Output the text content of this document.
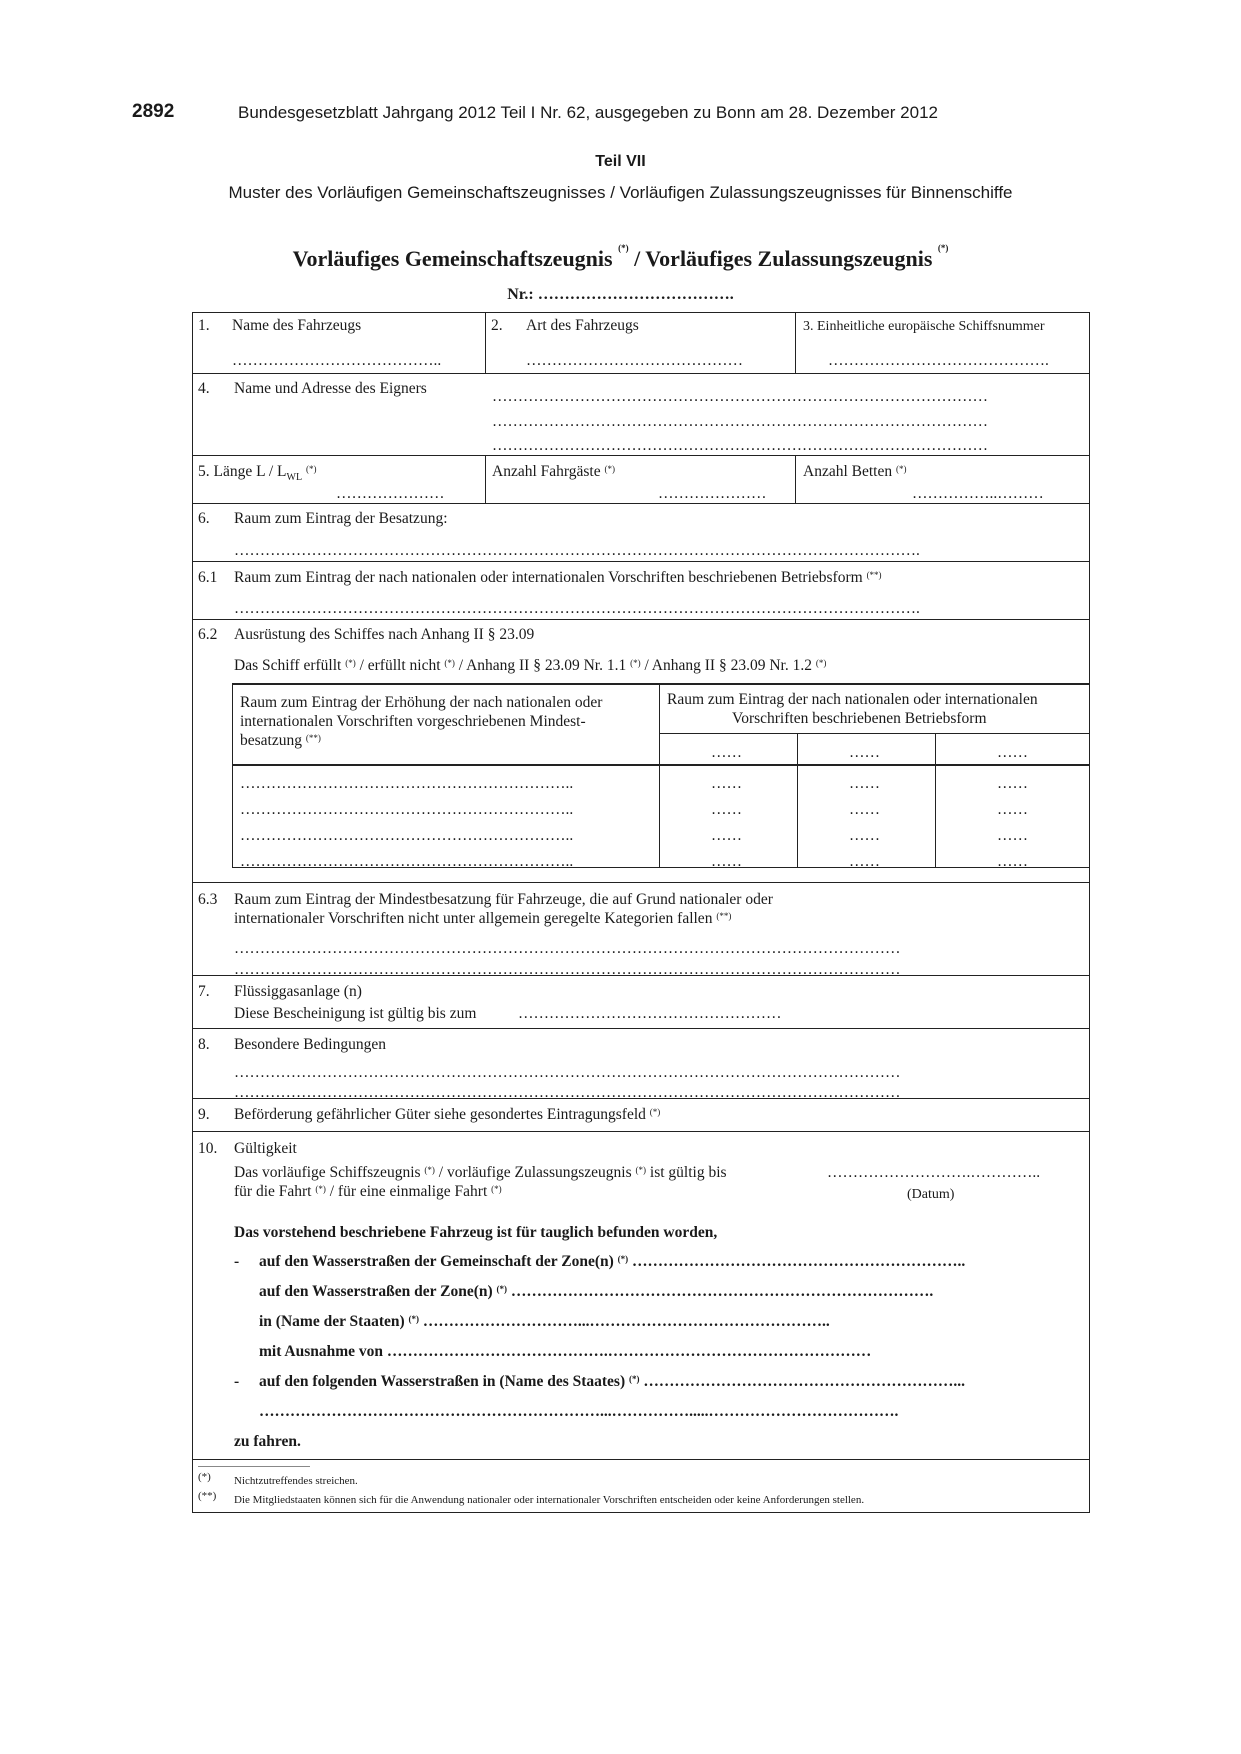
2892	Bundesgesetzblatt Jahrgang 2012 Teil I Nr. 62, ausgegeben zu Bonn am 28. Dezember 2012
Teil VII
Muster des Vorläufigen Gemeinschaftszeugnisses / Vorläufigen Zulassungszeugnisses für Binnenschiffe
Vorläufiges Gemeinschaftszeugnis (*) / Vorläufiges Zulassungszeugnis (*)
Nr.: ……………………………….
1. Name des Fahrzeugs
…………………………………..
2. Art des Fahrzeugs
……………………………………
3. Einheitliche europäische Schiffsnummer
…………………………………….
4. Name und Adresse des Eigners	……………………………………………………………………………………
……………………………………………………………………………………
……………………………………………………………………………………
5. Länge L / $L_{WL}$ (*)
…………………
Anzahl Fahrgäste (*)
…………………
Anzahl Betten (*)
……………..………
6. Raum zum Eintrag der Besatzung:
…………………………………………………………………………………………………………………….
6.1 Raum zum Eintrag der nach nationalen oder internationalen Vorschriften beschriebenen Betriebsform (**)
…………………………………………………………………………………………………………………….
6.2 Ausrüstung des Schiffes nach Anhang II § 23.09
Das Schiff erfüllt (*) / erfüllt nicht (*) / Anhang II § 23.09 Nr. 1.1 (*) / Anhang II § 23.09 Nr. 1.2 (*)
Raum zum Eintrag der Erhöhung der nach nationalen oder
internationalen Vorschriften vorgeschriebenen Mindest-
besatzung (**)
Raum zum Eintrag der nach nationalen oder internationalen
Vorschriften beschriebenen Betriebsform
……	……	……
………………………………………………………..	……	……	……
………………………………………………………..	……	……	……
………………………………………………………..	……	……	……
………………………………………………………..	……	……	……
6.3 Raum zum Eintrag der Mindestbesatzung für Fahrzeuge, die auf Grund nationaler oder
internationaler Vorschriften nicht unter allgemein geregelte Kategorien fallen (**)
…………………………………………………………………………………………………………………
…………………………………………………………………………………………………………………
7. Flüssiggasanlage (n)
Diese Bescheinigung ist gültig bis zum	……………………………………………
8. Besondere Bedingungen
…………………………………………………………………………………………………………………
…………………………………………………………………………………………………………………
9. Beförderung gefährlicher Güter siehe gesondertes Eintragungsfeld (*)
10. Gültigkeit
Das vorläufige Schiffszeugnis (*) / vorläufige Zulassungszeugnis (*) ist gültig bis	……………………….…………..
für die Fahrt (*) / für eine einmalige Fahrt (*)	(Datum)
Das vorstehend beschriebene Fahrzeug ist für tauglich befunden worden,
- auf den Wasserstraßen der Gemeinschaft der Zone(n) (*) ………………………………………………………..
auf den Wasserstraßen der Zone(n) (*) ……………………………………………………………………….
in (Name der Staaten) (*) …………………………...………………………………………..
mit Ausnahme von …………………………………….……………………………………………
- auf den folgenden Wasserstraßen in (Name des Staates) (*) ……………………………………………………...
…………………………………………………………...…………….....……………………………….
zu fahren.
(*) Nichtzutreffendes streichen.
(**) Die Mitgliedstaaten können sich für die Anwendung nationaler oder internationaler Vorschriften entscheiden oder keine Anforderungen stellen.
